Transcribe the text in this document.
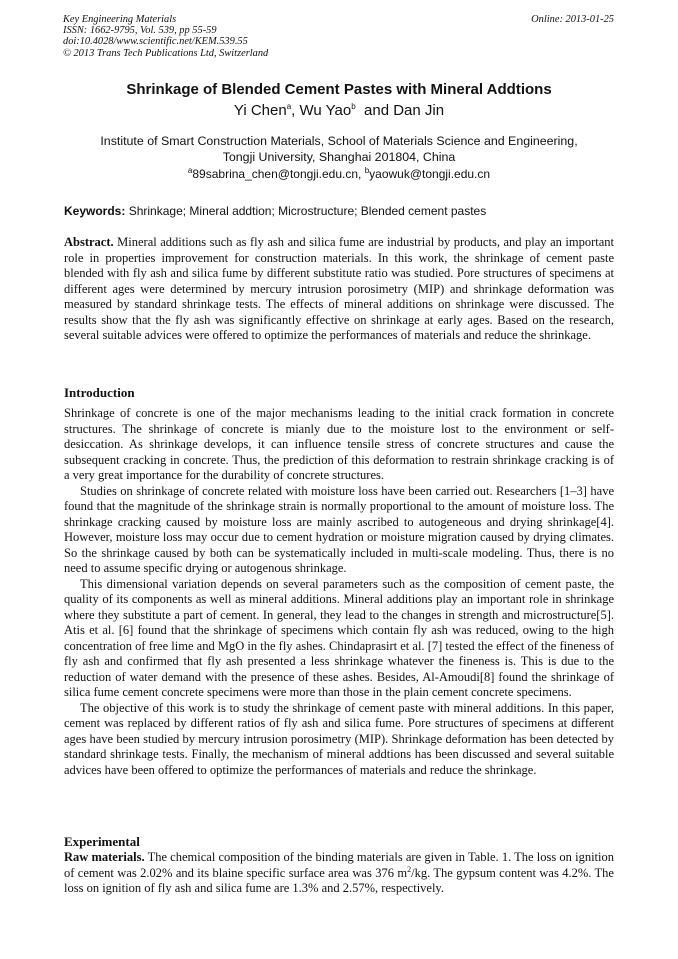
Key Engineering Materials
ISSN: 1662-9795, Vol. 539, pp 55-59
doi:10.4028/www.scientific.net/KEM.539.55
© 2013 Trans Tech Publications Ltd, Switzerland
Online: 2013-01-25
Shrinkage of Blended Cement Pastes with Mineral Addtions
Yi Chen$^a$, Wu Yao$^b$ and Dan Jin
Institute of Smart Construction Materials, School of Materials Science and Engineering,
Tongji University, Shanghai 201804, China
$^a$89sabrina_chen@tongji.edu.cn, $^b$yaowuk@tongji.edu.cn
Keywords: Shrinkage; Mineral addtion; Microstructure; Blended cement pastes

Abstract. Mineral additions such as fly ash and silica fume are industrial by products, and play an important role in properties improvement for construction materials. In this work, the shrinkage of cement paste blended with fly ash and silica fume by different substitute ratio was studied. Pore structures of specimens at different ages were determined by mercury intrusion porosimetry (MIP) and shrinkage deformation was measured by standard shrinkage tests. The effects of mineral additions on shrinkage were discussed. The results show that the fly ash was significantly effective on shrinkage at early ages. Based on the research, several suitable advices were offered to optimize the performances of materials and reduce the shrinkage.

Introduction

Shrinkage of concrete is one of the major mechanisms leading to the initial crack formation in concrete structures. The shrinkage of concrete is mianly due to the moisture lost to the environment or self-desiccation. As shrinkage develops, it can influence tensile stress of concrete structures and cause the subsequent cracking in concrete. Thus, the prediction of this deformation to restrain shrinkage cracking is of a very great importance for the durability of concrete structures.

Studies on shrinkage of concrete related with moisture loss have been carried out. Researchers [1–3] have found that the magnitude of the shrinkage strain is normally proportional to the amount of moisture loss. The shrinkage cracking caused by moisture loss are mainly ascribed to autogeneous and drying shrinkage[4]. However, moisture loss may occur due to cement hydration or moisture migration caused by drying climates. So the shrinkage caused by both can be systematically included in multi-scale modeling. Thus, there is no need to assume specific drying or autogenous shrinkage.

This dimensional variation depends on several parameters such as the composition of cement paste, the quality of its components as well as mineral additions. Mineral additions play an important role in shrinkage where they substitute a part of cement. In general, they lead to the changes in strength and microstructure[5]. Atis et al. [6] found that the shrinkage of specimens which contain fly ash was reduced, owing to the high concentration of free lime and MgO in the fly ashes. Chindaprasirt et al. [7] tested the effect of the fineness of fly ash and confirmed that fly ash presented a less shrinkage whatever the fineness is. This is due to the reduction of water demand with the presence of these ashes. Besides, Al-Amoudi[8] found the shrinkage of silica fume cement concrete specimens were more than those in the plain cement concrete specimens.

The objective of this work is to study the shrinkage of cement paste with mineral additions. In this paper, cement was replaced by different ratios of fly ash and silica fume. Pore structures of specimens at different ages have been studied by mercury intrusion porosimetry (MIP). Shrinkage deformation has been detected by standard shrinkage tests. Finally, the mechanism of mineral addtions has been discussed and several suitable advices have been offered to optimize the performances of materials and reduce the shrinkage.

Experimental

Raw materials. The chemical composition of the binding materials are given in Table. 1. The loss on ignition of cement was 2.02% and its blaine specific surface area was 376 $m^2/kg$. The gypsum content was 4.2%. The loss on ignition of fly ash and silica fume are 1.3% and 2.57%, respectively.
